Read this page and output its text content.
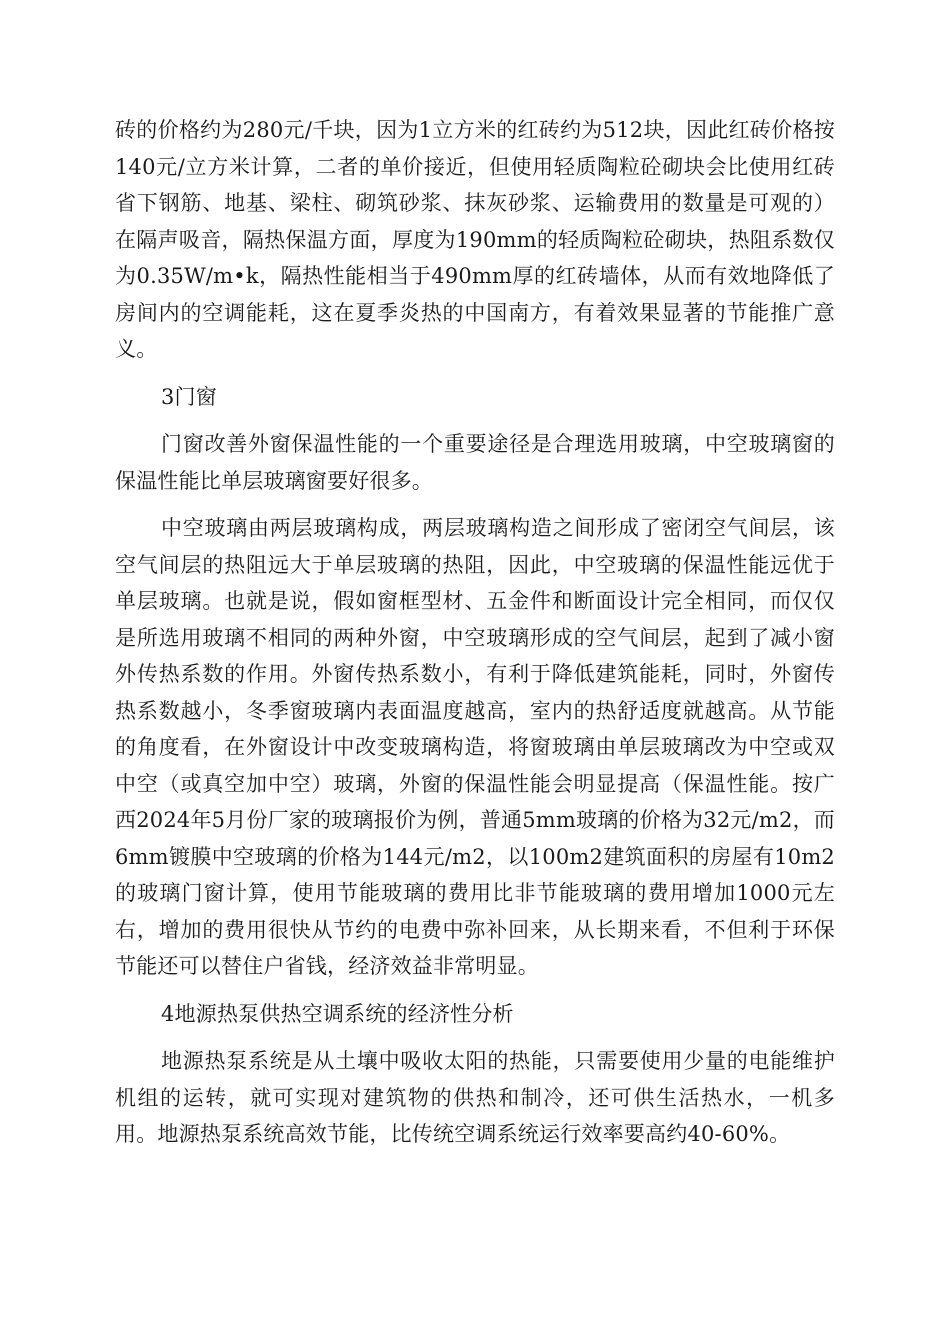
砖的价格约为280元/千块，因为1立方米的红砖约为512块，因此红砖价格按140元/立方米计算，二者的单价接近，但使用轻质陶粒砼砌块会比使用红砖省下钢筋、地基、梁柱、砌筑砂浆、抹灰砂浆、运输费用的数量是可观的）在隔声吸音，隔热保温方面，厚度为190mm的轻质陶粒砼砌块，热阻系数仅为0.35W/m•k，隔热性能相当于490mm厚的红砖墙体，从而有效地降低了房间内的空调能耗，这在夏季炎热的中国南方，有着效果显著的节能推广意义。

3门窗

门窗改善外窗保温性能的一个重要途径是合理选用玻璃，中空玻璃窗的保温性能比单层玻璃窗要好很多。

中空玻璃由两层玻璃构成，两层玻璃构造之间形成了密闭空气间层，该空气间层的热阻远大于单层玻璃的热阻，因此，中空玻璃的保温性能远优于单层玻璃。也就是说，假如窗框型材、五金件和断面设计完全相同，而仅仅是所选用玻璃不相同的两种外窗，中空玻璃形成的空气间层，起到了减小窗外传热系数的作用。外窗传热系数小，有利于降低建筑能耗，同时，外窗传热系数越小，冬季窗玻璃内表面温度越高，室内的热舒适度就越高。从节能的角度看，在外窗设计中改变玻璃构造，将窗玻璃由单层玻璃改为中空或双中空（或真空加中空）玻璃，外窗的保温性能会明显提高（保温性能。按广西2024年5月份厂家的玻璃报价为例，普通5mm玻璃的价格为32元/m2，而6mm镀膜中空玻璃的价格为144元/m2，以100m2建筑面积的房屋有10m2的玻璃门窗计算，使用节能玻璃的费用比非节能玻璃的费用增加1000元左右，增加的费用很快从节约的电费中弥补回来，从长期来看，不但利于环保节能还可以替住户省钱，经济效益非常明显。

4地源热泵供热空调系统的经济性分析

地源热泵系统是从土壤中吸收太阳的热能，只需要使用少量的电能维护机组的运转，就可实现对建筑物的供热和制冷，还可供生活热水，一机多用。地源热泵系统高效节能，比传统空调系统运行效率要高约40-60%。
